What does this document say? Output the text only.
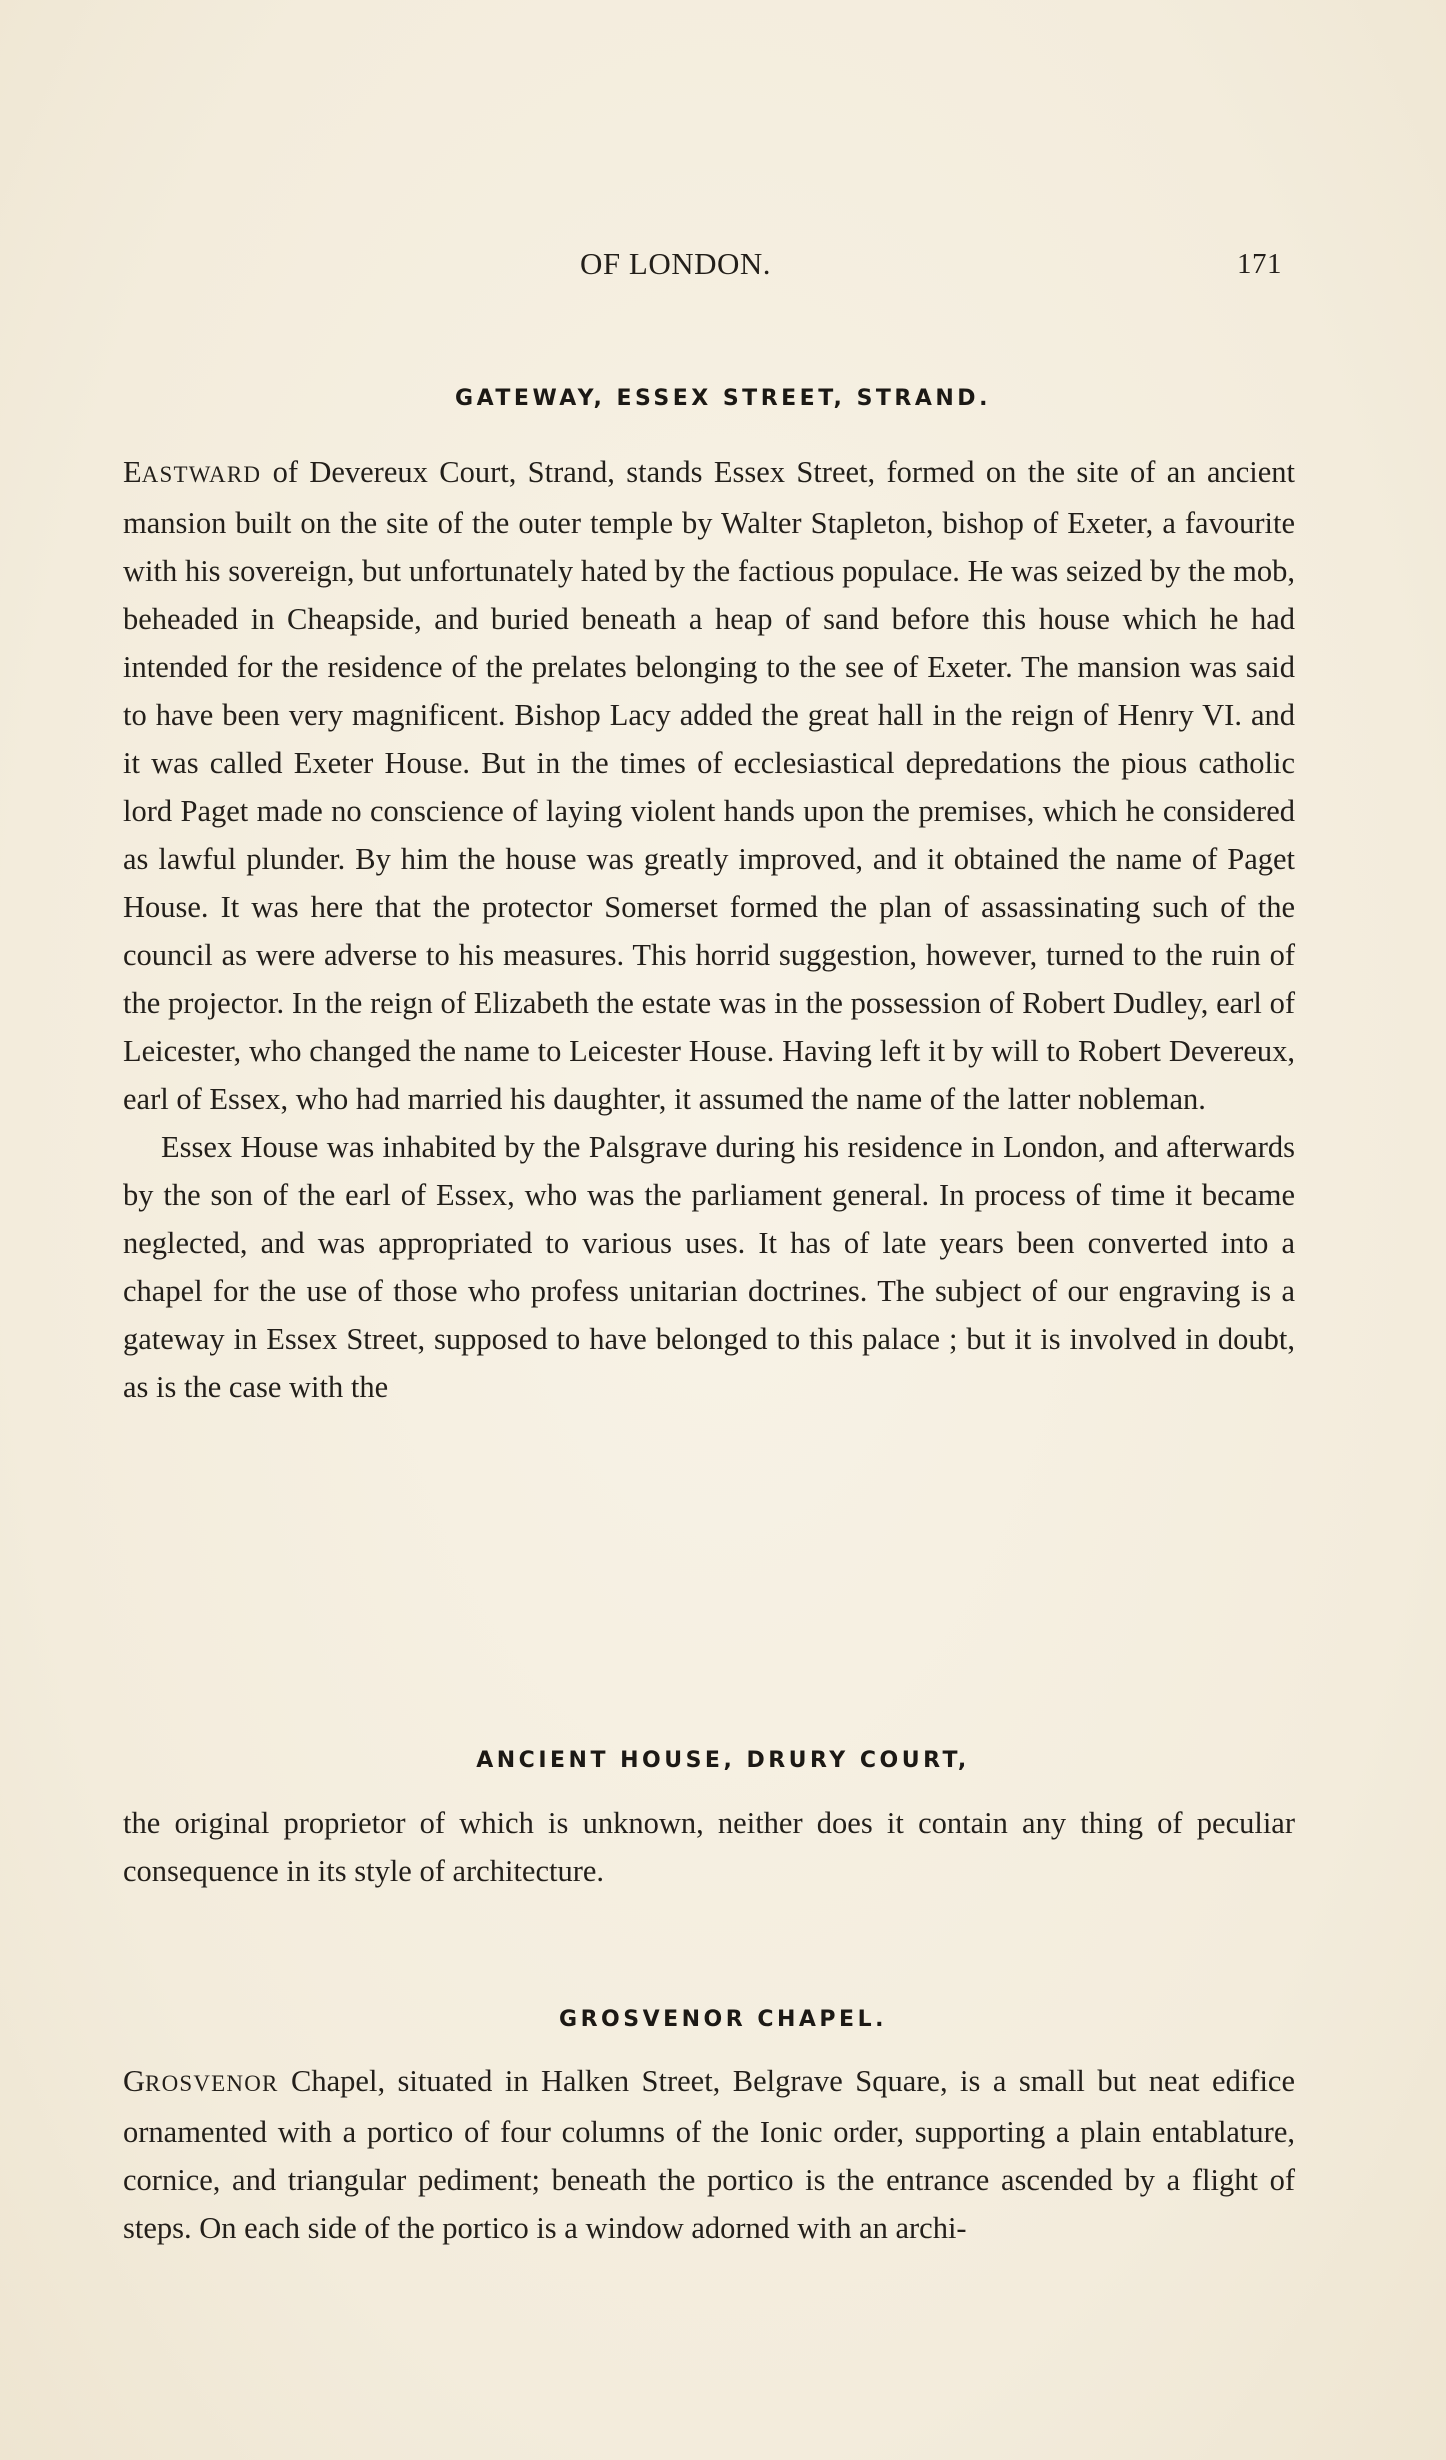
OF LONDON.	171
GATEWAY, ESSEX STREET, STRAND.

EASTWARD of Devereux Court, Strand, stands Essex Street, formed on the site of an ancient mansion built on the site of the outer temple by Walter Stapleton, bishop of Exeter, a favourite with his sovereign, but unfortunately hated by the factious populace. He was seized by the mob, beheaded in Cheapside, and buried beneath a heap of sand before this house which he had intended for the residence of the prelates belonging to the see of Exeter. The mansion was said to have been very magnificent. Bishop Lacy added the great hall in the reign of Henry VI. and it was called Exeter House. But in the times of ecclesiastical depredations the pious catholic lord Paget made no conscience of laying violent hands upon the premises, which he considered as lawful plunder. By him the house was greatly improved, and it obtained the name of Paget House. It was here that the protector Somerset formed the plan of assassinating such of the council as were adverse to his measures. This horrid suggestion, however, turned to the ruin of the projector. In the reign of Elizabeth the estate was in the possession of Robert Dudley, earl of Leicester, who changed the name to Leicester House. Having left it by will to Robert Devereux, earl of Essex, who had married his daughter, it assumed the name of the latter nobleman.

Essex House was inhabited by the Palsgrave during his residence in London, and afterwards by the son of the earl of Essex, who was the parliament general. In process of time it became neglected, and was appropriated to various uses. It has of late years been converted into a chapel for the use of those who profess unitarian doctrines. The subject of our engraving is a gateway in Essex Street, supposed to have belonged to this palace ; but it is involved in doubt, as is the case with the

ANCIENT HOUSE, DRURY COURT,

the original proprietor of which is unknown, neither does it contain any thing of peculiar consequence in its style of architecture.

GROSVENOR CHAPEL.

GROSVENOR Chapel, situated in Halken Street, Belgrave Square, is a small but neat edifice ornamented with a portico of four columns of the Ionic order, supporting a plain entablature, cornice, and triangular pediment; beneath the portico is the entrance ascended by a flight of steps. On each side of the portico is a window adorned with an archi-
